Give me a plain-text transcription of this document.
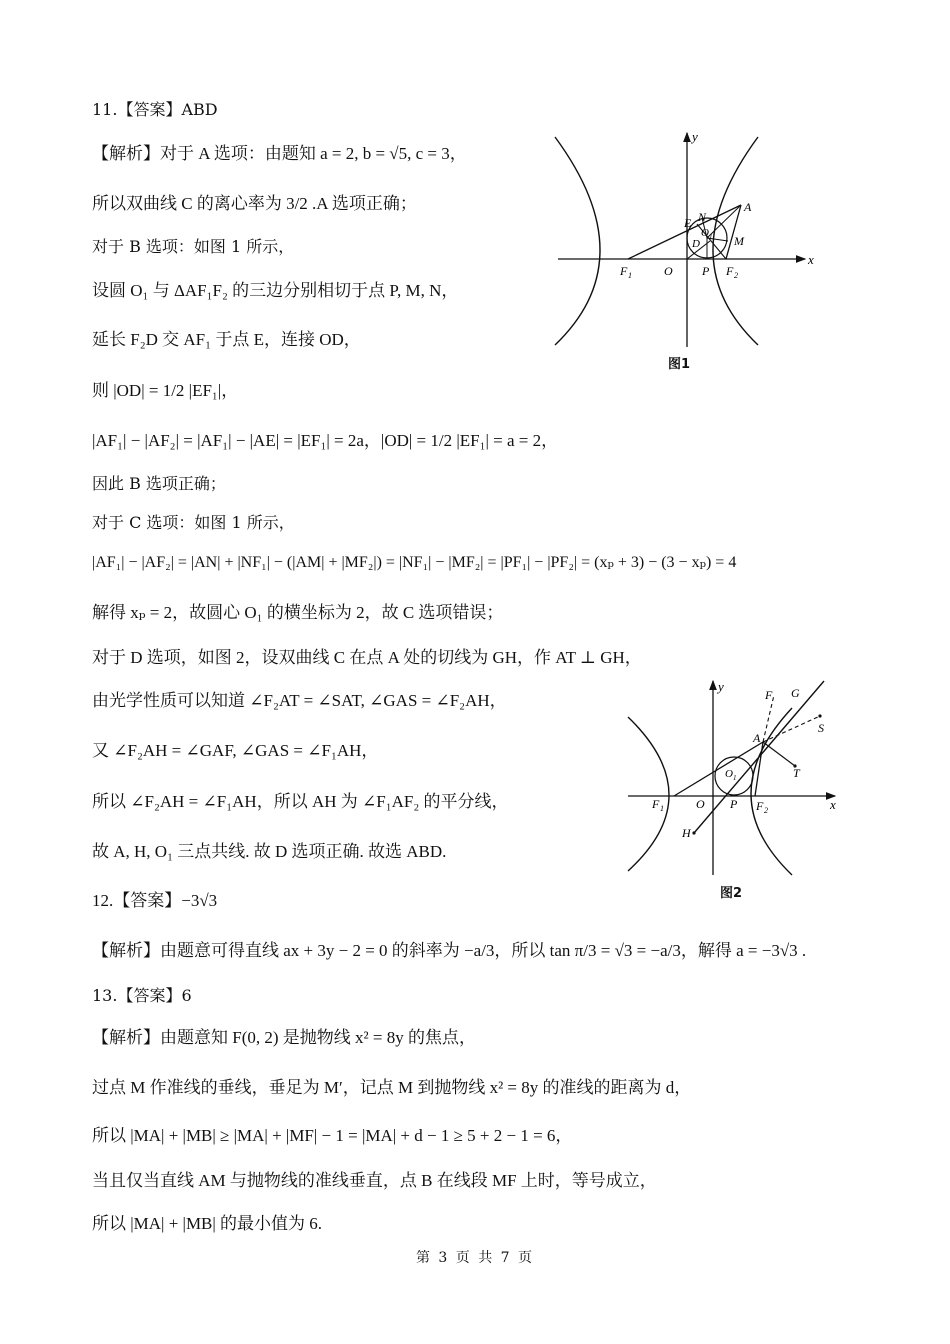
11.【答案】ABD
【解析】对于 A 选项：由题知 a = 2, b = √5, c = 3，
所以双曲线 C 的离心率为 3/2 .A 选项正确；
对于 B 选项：如图 1 所示，
设圆 O₁ 与 ΔAF₁F₂ 的三边分别相切于点 P, M, N，
延长 F₂D 交 AF₁ 于点 E，连接 OD，
则 |OD| = 1/2 |EF₁|，
|AF₁| − |AF₂| = |AF₁| − |AE| = |EF₁| = 2a，|OD| = 1/2 |EF₁| = a = 2，
因此 B 选项正确；
对于 C 选项：如图 1 所示，
|AF₁| − |AF₂| = |AN| + |NF₁| − (|AM| + |MF₂|) = |NF₁| − |MF₂| = |PF₁| − |PF₂| = (xₚ + 3) − (3 − xₚ) = 4
解得 xₚ = 2，故圆心 O₁ 的横坐标为 2，故 C 选项错误；
对于 D 选项，如图 2，设双曲线 C 在点 A 处的切线为 GH，作 AT ⊥ GH，
由光学性质可以知道 ∠F₂AT = ∠SAT, ∠GAS = ∠F₂AH，
又 ∠F₂AH = ∠GAF, ∠GAS = ∠F₁AH，
所以 ∠F₂AH = ∠F₁AH，所以 AH 为 ∠F₁AF₂ 的平分线，
故 A, H, O₁ 三点共线. 故 D 选项正确. 故选 ABD.
12.【答案】−3√3
【解析】由题意可得直线 ax + 3y − 2 = 0 的斜率为 −a/3，所以 tan π/3 = √3 = −a/3，解得 a = −3√3 .
13.【答案】6
【解析】由题意知 F(0, 2) 是抛物线 x² = 8y 的焦点，
过点 M 作准线的垂线，垂足为 M′，记点 M 到抛物线 x² = 8y 的准线的距离为 d，
所以 |MA| + |MB| ≥ |MA| + |MF| − 1 = |MA| + d − 1 ≥ 5 + 2 − 1 = 6，
当且仅当直线 AM 与抛物线的准线垂直，点 B 在线段 MF 上时，等号成立，
所以 |MA| + |MB| 的最小值为 6.
y
x
F 1	O P F 2
A
E N
O 1
D	M
图1
y
x
F 1	O P F 2
A
F G
S
T
O 1
H
图2
第 3 页 共 7 页
